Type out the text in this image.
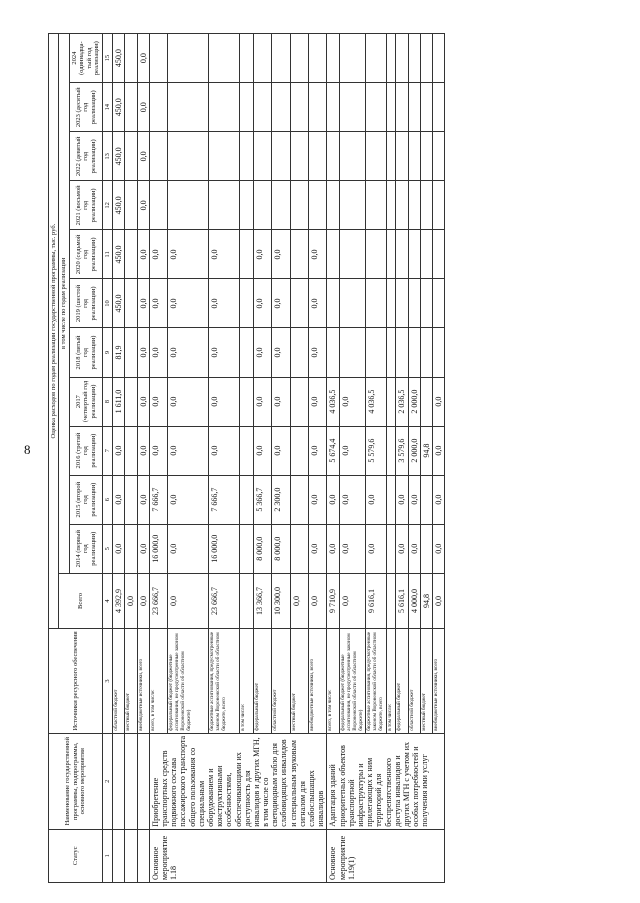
8
Статус	Наименование государственной программы, подпрограммы, основного мероприятия	Источники ресурсного обеспечения	Оценка расходов по годам реализации государственной программы, тыс. руб.											
			Всего	в том числе по годам реализации										
				2014 (первый год реализации)	2015 (второй год реализации)	2016 (третий год реализации)	2017 (четвертый год реализации)	2018 (пятый год реализации)	2019 (шестой год реализации)	2020 (седьмой год реализации)	2021 (восьмой год реализации)	2022 (девятый год реализации)	2023 (десятый год реализации)	2024 (одиннадца-тый год реализации)
1	2	3	4	5	6	7	8	9	10	11	12	13	14	15
		областной бюджет	4 392,9	0,0	0,0	0,0	1 611,0	81,9	450,0	450,0	450,0	450,0	450,0	450,0
		местный бюджет	0,0											
		внебюджетные источники, всего	0,0	0,0	0,0	0,0	0,0	0,0	0,0	0,0	0,0	0,0	0,0	0,0
Основное мероприятие 1.18	Приобретение транспортных средств подвижного состава пассажирского транспорта общего пользования со специальным оборудованием и конструктивными особенностями, обеспечивающими их доступность для инвалидов и других МГН, в том числе со светодиодным табло для слабовидящих инвалидов и специальным звуковым сигналом для слабослышащих инвалидов	всего, в том числе:	23 666,7	16 000,0	7 666,7	0,0	0,0	0,0	0,0	0,0				
		федеральный бюджет (бюджетные ассигнования, не предусмотренные законом Воронежской области об областном бюджете)	0,0	0,0	0,0	0,0	0,0	0,0	0,0	0,0				
		бюджетные ассигнования, предусмотренные законом Воронежской области об областном бюджете, всего	23 666,7	16 000,0	7 666,7	0,0	0,0	0,0	0,0	0,0				
		в том числе:												
		федеральный бюджет	13 366,7	8 000,0	5 366,7	0,0	0,0	0,0	0,0	0,0				
		областной бюджет	10 300,0	8 000,0	2 300,0	0,0	0,0	0,0	0,0	0,0				
		местный бюджет	0,0											
		внебюджетные источники, всего	0,0	0,0	0,0	0,0	0,0	0,0	0,0	0,0				
Основное мероприятие 1.19(1)	Адаптация зданий приоритетных объектов транспортной инфраструктуры и прилегающих к ним территорий для беспрепятственного доступа инвалидов и других МГН с учетом их особых потребностей и получения ими услуг	всего, в том числе:	9 710,9	0,0	0,0	5 674,4	4 036,5							
		федеральный бюджет (бюджетные ассигнования, не предусмотренные законом Воронежской области об областном бюджете)	0,0	0,0	0,0	0,0	0,0							
		бюджетные ассигнования, предусмотренные законом Воронежской области об областном бюджете, всего	9 616,1	0,0	0,0	5 579,6	4 036,5							
		в том числе:												
		федеральный бюджет	5 616,1	0,0	0,0	3 579,6	2 036,5							
		областной бюджет	4 000,0	0,0	0,0	2 000,0	2 000,0							
		местный бюджет	94,8			94,8								
		внебюджетные источники, всего	0,0	0,0	0,0	0,0	0,0							
